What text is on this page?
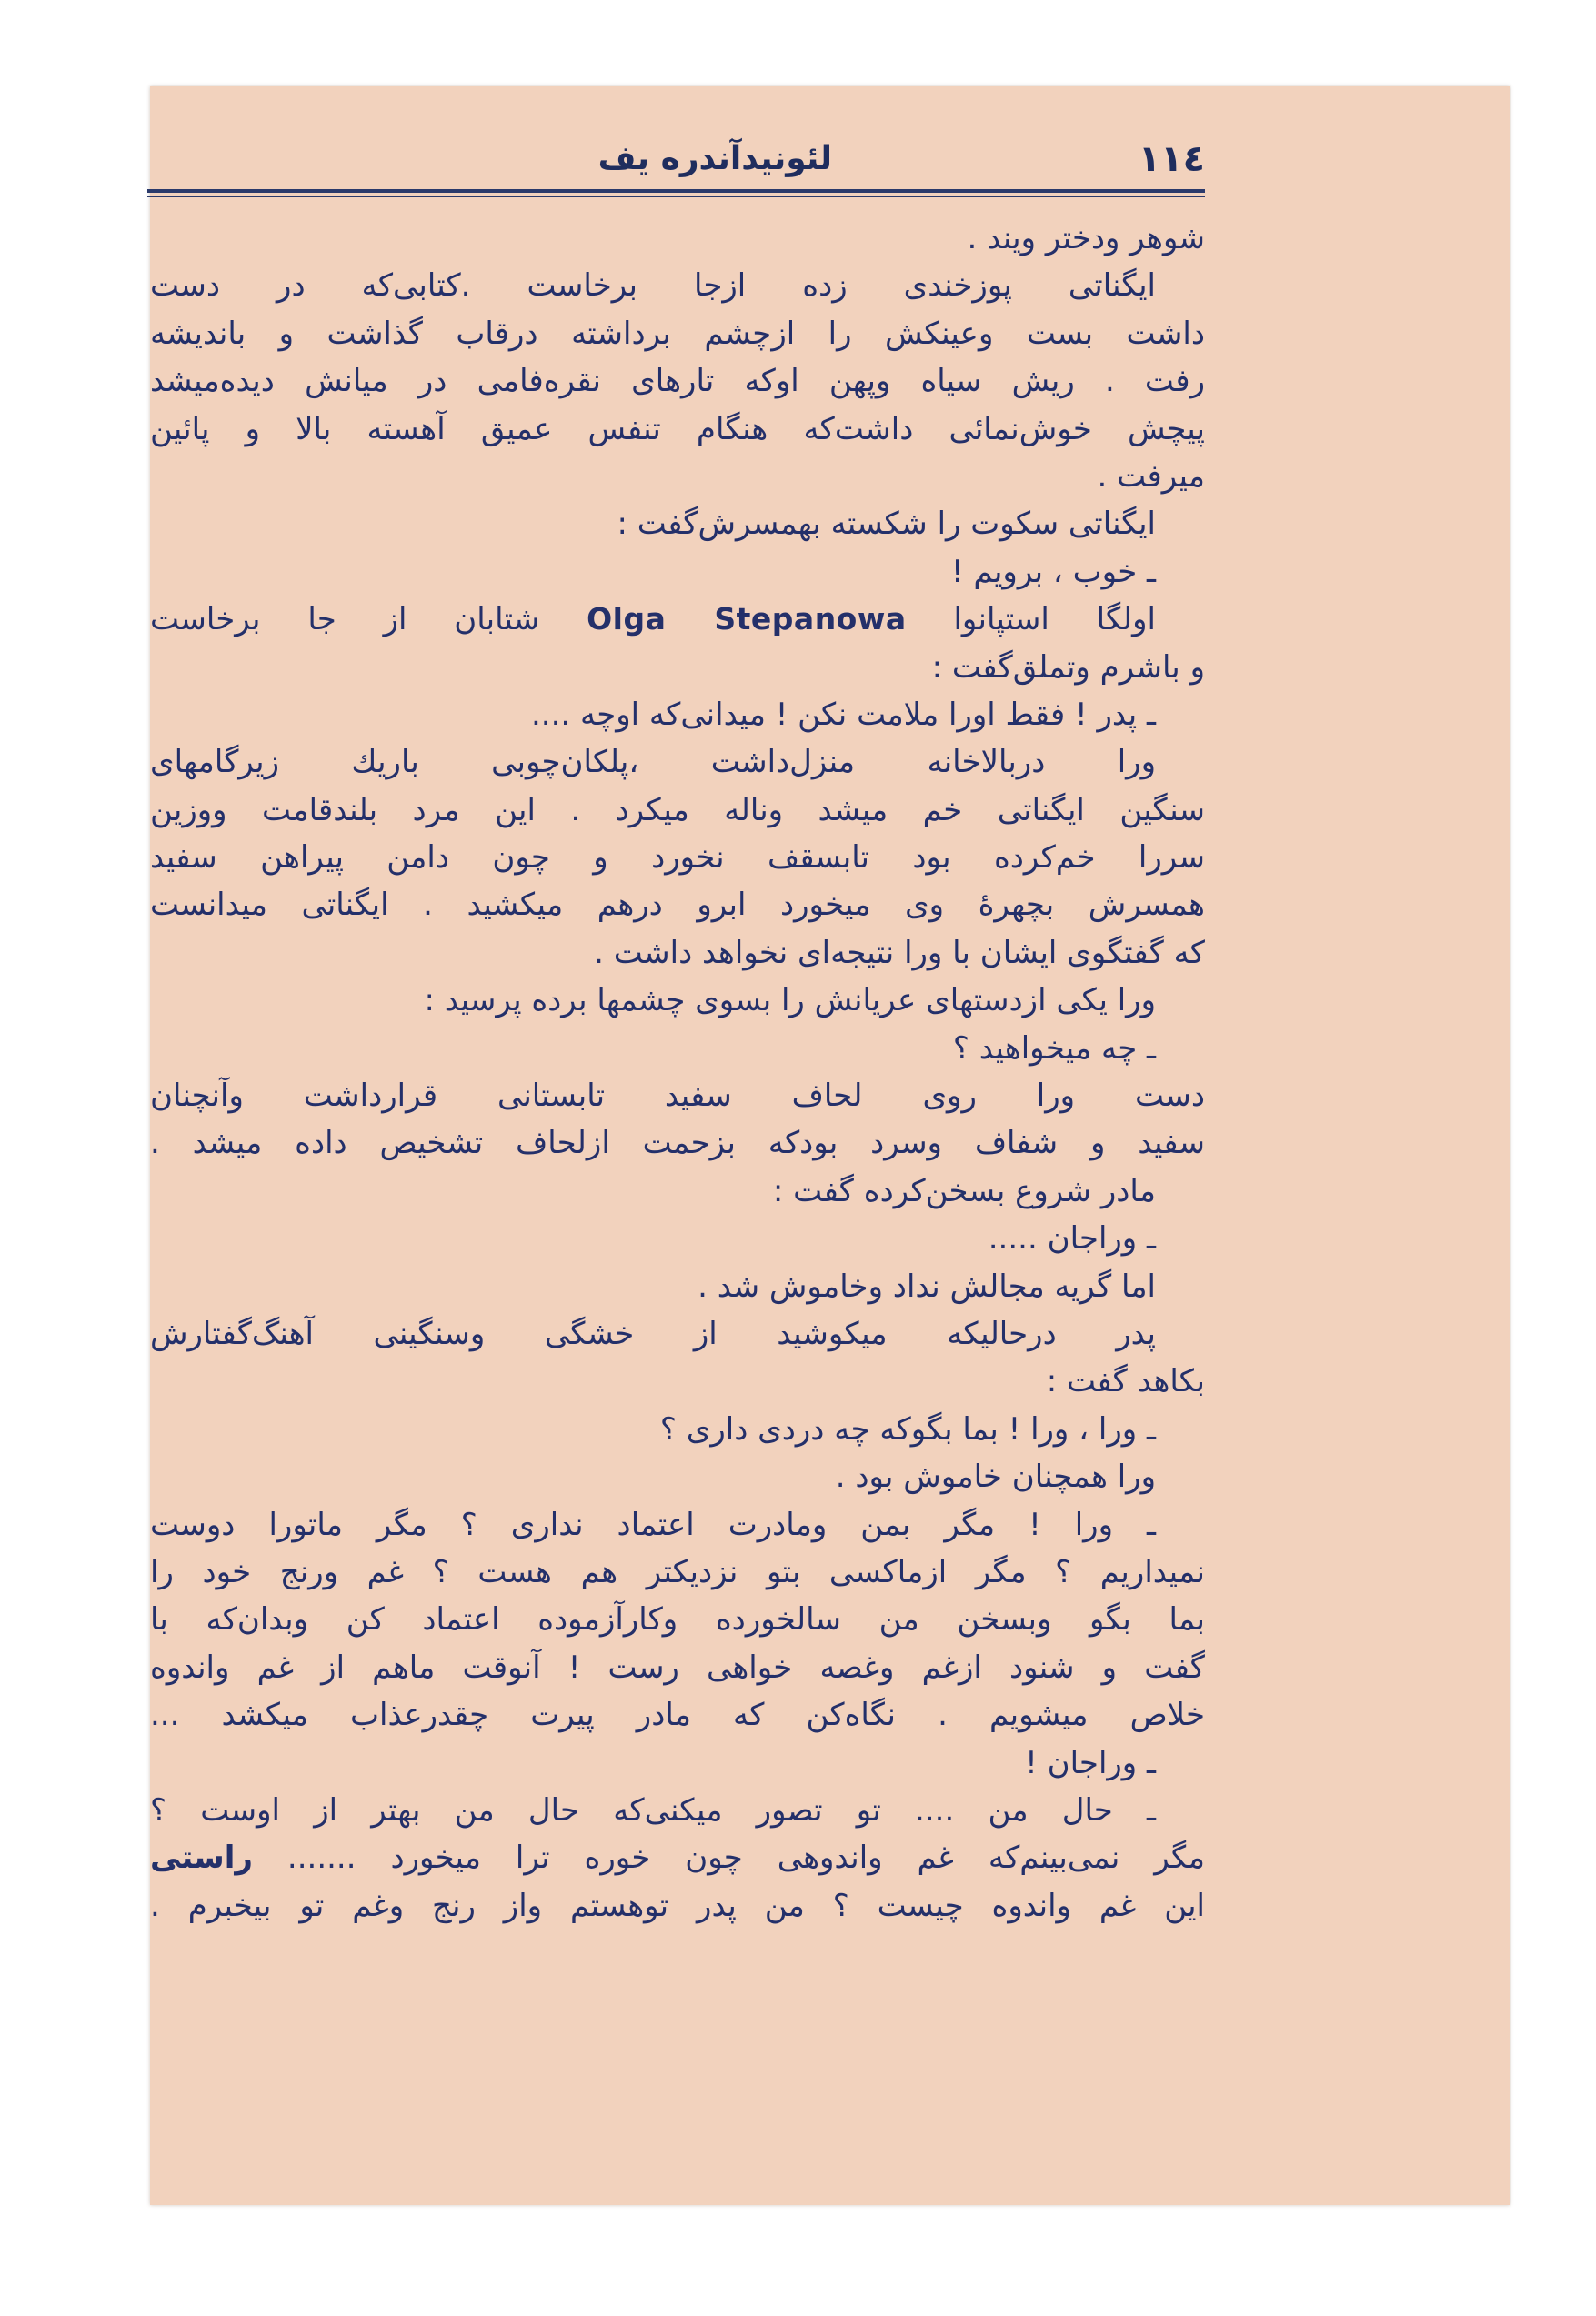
١١٤
لئونیدآندره یف
شوهر ودختر ویند .
ایگناتی پوزخندی زده ازجا برخاست .کتابی‌که در دست
داشت بست وعینکش را ازچشم برداشته درقاب گذاشت و باندیشه
رفت . ریش سیاه وپهن اوکه تارهای نقره‌فامی در میانش دیده‌میشد
پیچش خوش‌نمائی داشت‌که هنگام تنفس عمیق آهسته بالا و پائین
میرفت .
ایگناتی سکوت را شکسته بهمسرش‌گفت :
ـ خوب ، برویم !
اولگا استپانوا Olga Stepanowa شتابان از جا برخاست
و باشرم وتملق‌گفت :
ـ پدر ! فقط اورا ملامت نکن ! میدانی‌که اوچه ....
ورا دربالاخانه منزل‌داشت ،پلکان‌چوبی باریك زیرگامهای
سنگین ایگناتی خم میشد وناله میکرد . این مرد بلندقامت ووزین
سررا خم‌کرده بود تابسقف نخورد و چون دامن پیراهن سفید
همسرش بچهرهٔ وی میخورد ابرو درهم میکشید . ایگناتی میدانست
که گفتگوی ایشان با ورا نتیجه‌ای نخواهد داشت .
ورا یکی ازدستهای عریانش را بسوی چشمها برده پرسید :
ـ چه میخواهید ؟
دست ورا روی لحاف سفید تابستانی قرارداشت وآنچنان
سفید و شفاف وسرد بودکه بزحمت ازلحاف تشخیص داده میشد .
مادر شروع بسخن‌کرده گفت :
ـ وراجان .....
اما گریه مجالش نداد وخاموش شد .
پدر درحالیکه میکوشید از خشگی وسنگینی آهنگ‌گفتارش
بکاهد گفت :
ـ ورا ، ورا ! بما بگوکه چه دردی داری ؟
ورا همچنان خاموش بود .
ـ ورا ! مگر بمن ومادرت اعتماد نداری ؟ مگر ماتورا دوست
نمیداریم ؟ مگر ازماکسی بتو نزدیکتر هم هست ؟ غم ورنج خود را
بما بگو وبسخن من سالخورده وکارآزموده اعتماد کن وبدان‌که با
گفت و شنود ازغم وغصه خواهی رست ! آنوقت ماهم از غم واندوه
خلاص میشویم . نگاه‌کن که مادر پیرت چقدرعذاب میکشد ...
ـ وراجان !
ـ حال من .... تو تصور میکنی‌که حال من بهتر از اوست ؟
مگر نمی‌بینم‌که غم واندوهی چون خوره ترا میخورد ....... راستی
این غم واندوه چیست ؟ من پدر توهستم واز رنج وغم تو بیخبرم .
